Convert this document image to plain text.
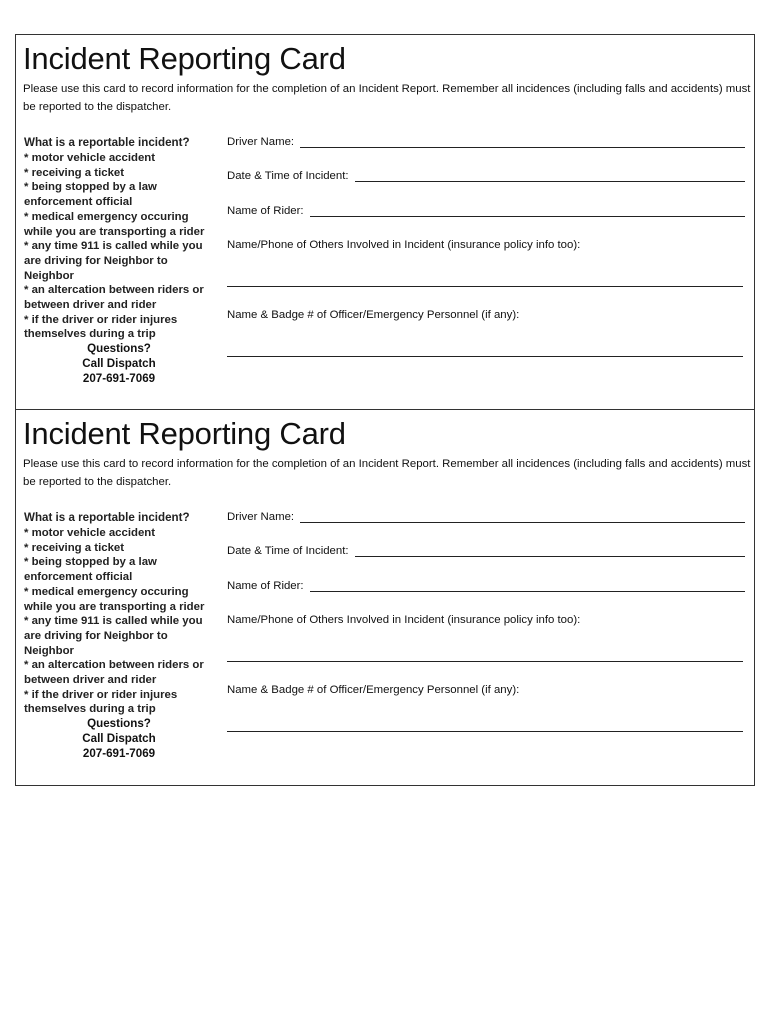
Incident Reporting Card

Please use this card to record information for the completion of an Incident Report. Remember all incidences (including falls and accidents) must be reported to the dispatcher.

What is a reportable incident?
* motor vehicle accident
* receiving a ticket
* being stopped by a law enforcement official
* medical emergency occuring while you are transporting a rider
* any time 911 is called while you are driving for Neighbor to Neighbor
* an altercation between riders or between driver and rider
* if the driver or rider injures themselves during a trip
Questions?
Call Dispatch
207-691-7069
Driver Name:
Date & Time of Incident:
Name of Rider:
Name/Phone of Others Involved in Incident (insurance policy info too):
Name & Badge # of Officer/Emergency Personnel (if any):
Incident Reporting Card

Please use this card to record information for the completion of an Incident Report. Remember all incidences (including falls and accidents) must be reported to the dispatcher.

What is a reportable incident?
* motor vehicle accident
* receiving a ticket
* being stopped by a law enforcement official
* medical emergency occuring while you are transporting a rider
* any time 911 is called while you are driving for Neighbor to Neighbor
* an altercation between riders or between driver and rider
* if the driver or rider injures themselves during a trip
Questions?
Call Dispatch
207-691-7069
Driver Name:
Date & Time of Incident:
Name of Rider:
Name/Phone of Others Involved in Incident (insurance policy info too):
Name & Badge # of Officer/Emergency Personnel (if any):
